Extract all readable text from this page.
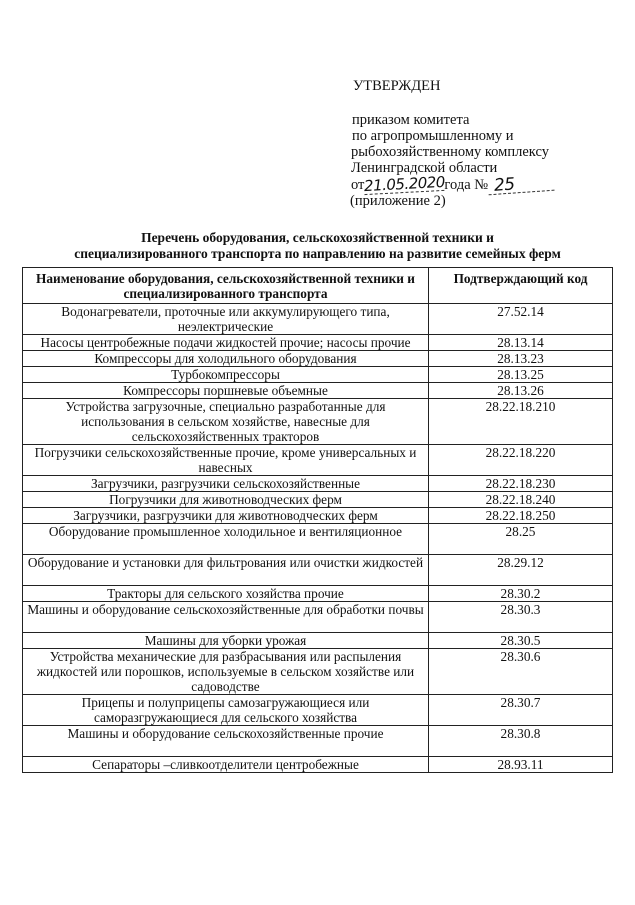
УТВЕРЖДЕН
приказом комитета
по агропромышленному и
рыбохозяйственному комплексу
Ленинградской области
от21.05.2020года № 25
(приложение 2)
Перечень оборудования, сельскохозяйственной техники и
специализированного транспорта по направлению на развитие семейных ферм
Наименование оборудования, сельскохозяйственной техники и специализированного транспорта	Подтверждающий код
Водонагреватели, проточные или аккумулирующего типа, неэлектрические	27.52.14
Насосы центробежные подачи жидкостей прочие; насосы прочие	28.13.14
Компрессоры для холодильного оборудования	28.13.23
Турбокомпрессоры	28.13.25
Компрессоры поршневые объемные	28.13.26
Устройства загрузочные, специально разработанные для использования в сельском хозяйстве, навесные для сельскохозяйственных тракторов	28.22.18.210
Погрузчики сельскохозяйственные прочие, кроме универсальных и навесных	28.22.18.220
Загрузчики, разгрузчики сельскохозяйственные	28.22.18.230
Погрузчики для животноводческих ферм	28.22.18.240
Загрузчики, разгрузчики для животноводческих ферм	28.22.18.250
Оборудование промышленное холодильное и вентиляционное	28.25
Оборудование и установки для фильтрования или очистки жидкостей	28.29.12
Тракторы для сельского хозяйства прочие	28.30.2
Машины и оборудование сельскохозяйственные для обработки почвы	28.30.3
Машины для уборки урожая	28.30.5
Устройства механические для разбрасывания или распыления жидкостей или порошков, используемые в сельском хозяйстве или садоводстве	28.30.6
Прицепы и полуприцепы самозагружающиеся или саморазгружающиеся для сельского хозяйства	28.30.7
Машины и оборудование сельскохозяйственные прочие	28.30.8
Сепараторы –сливкоотделители центробежные	28.93.11
